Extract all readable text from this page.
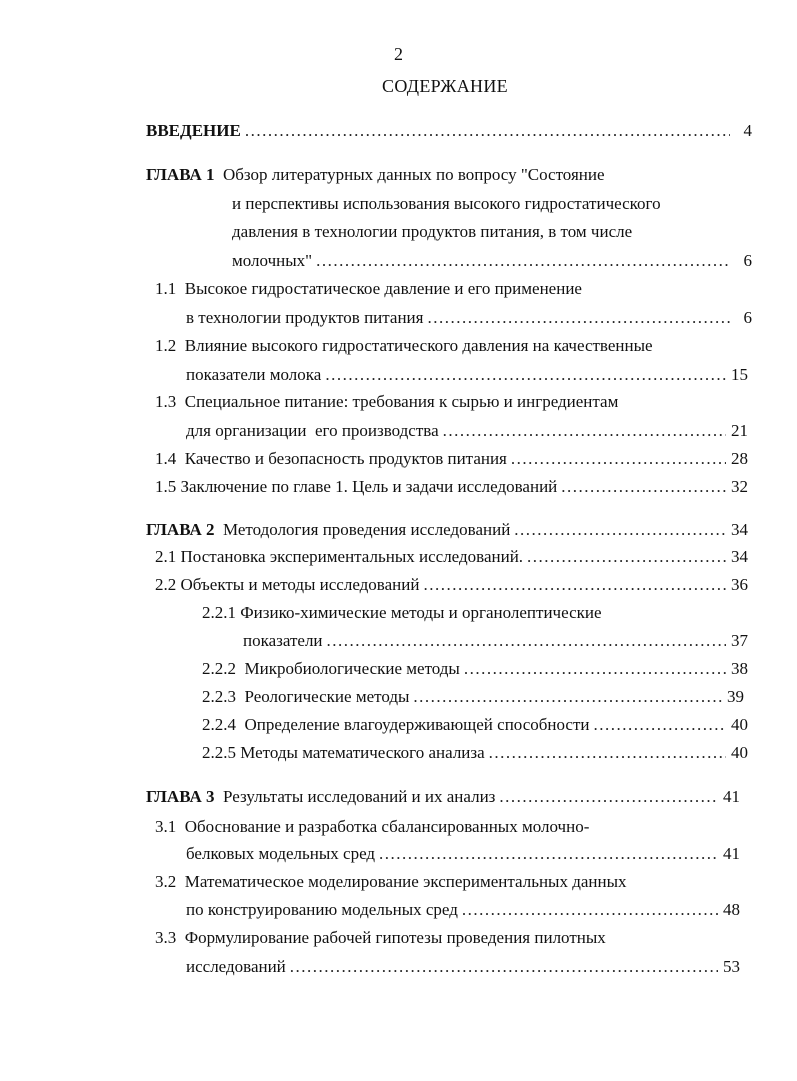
2
СОДЕРЖАНИЕ
ВВЕДЕНИЕ .....	4
ГЛАВА 1 Обзор литературных данных по вопросу "Состояние
и перспективы использования высокого гидростатического
давления в технологии продуктов питания, в том числе
молочных" .....	6
1.1 Высокое гидростатическое давление и его применение
в технологии продуктов питания .....	6
1.2 Влияние высокого гидростатического давления на качественные
показатели молока .....	15
1.3 Специальное питание: требования к сырью и ингредиентам
для организации  его производства .....	21
1.4 Качество и безопасность продуктов питания .....	28
1.5 Заключение по главе 1. Цель и задачи исследований .....	32
ГЛАВА 2 Методология проведения исследований .....	34
2.1 Постановка экспериментальных исследований. .....	34
2.2 Объекты и методы исследований .....	36
2.2.1 Физико-химические методы и органолептические
показатели .....	37
2.2.2 Микробиологические методы .....	38
2.2.3 Реологические методы .....	39
2.2.4 Определение влагоудерживающей способности .....	40
2.2.5 Методы математического анализа .....	40
ГЛАВА 3 Результаты исследований и их анализ .....	41
3.1 Обоснование и разработка сбалансированных молочно-
белковых модельных сред .....	41
3.2 Математическое моделирование экспериментальных данных
по конструированию модельных сред .....	48
3.3 Формулирование рабочей гипотезы проведения пилотных
исследований .....	53
